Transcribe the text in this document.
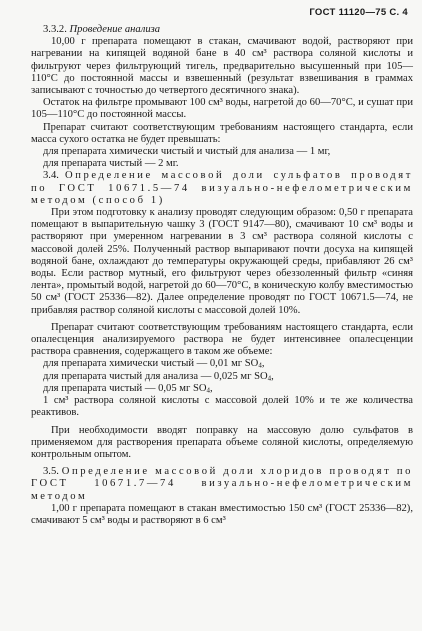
ГОСТ 11120—75 С. 4

3.3.2. Проведение анализа

10,00 г препарата помещают в стакан, смачивают водой, растворяют при нагревании на кипящей водяной бане в 40 см³ раствора соляной кислоты и фильтруют через фильтрующий тигель, предварительно высушенный при 105—110°С до постоянной массы и взвешенный (результат взвешивания в граммах записывают с точностью до четвертого десятичного знака).

Остаток на фильтре промывают 100 см³ воды, нагретой до 60—70°С, и сушат при 105—110°С до постоянной массы.

Препарат считают соответствующим требованиям настоящего стандарта, если масса сухого остатка не будет превышать:

для препарата химически чистый и чистый для анализа — 1 мг,

для препарата чистый — 2 мг.

3.4. Определение массовой доли сульфатов проводят по ГОСТ 10671.5—74 визуально-нефелометрическим методом (способ 1)

При этом подготовку к анализу проводят следующим образом: 0,50 г препарата помещают в выпарительную чашку 3 (ГОСТ 9147—80), смачивают 10 см³ воды и растворяют при умеренном нагревании в 3 см³ раствора соляной кислоты с массовой долей 25%. Полученный раствор выпаривают почти досуха на кипящей водяной бане, охлаждают до температуры окружающей среды, прибавляют 26 см³ воды. Если раствор мутный, его фильтруют через обеззоленный фильтр «синяя лента», промытый водой, нагретой до 60—70°С, в коническую колбу вместимостью 50 см³ (ГОСТ 25336—82). Далее определение проводят по ГОСТ 10671.5—74, не прибавляя раствор соляной кислоты с массовой долей 10%.

Препарат считают соответствующим требованиям настоящего стандарта, если опалесценция анализируемого раствора не будет интенсивнее опалесценции раствора сравнения, содержащего в таком же объеме:

для препарата химически чистый — 0,01 мг $SO_4$,

для препарата чистый для анализа — 0,025 мг $SO_4$,

для препарата чистый — 0,05 мг $SO_4$,

1 см³ раствора соляной кислоты с массовой долей 10% и те же количества реактивов.

При необходимости вводят поправку на массовую долю сульфатов в применяемом для растворения препарата объеме соляной кислоты, определяемую контрольным опытом.

3.5. Определение массовой доли хлоридов проводят по ГОСТ 10671.7—74 визуально-нефелометрическим методом

1,00 г препарата помещают в стакан вместимостью 150 см³ (ГОСТ 25336—82), смачивают 5 см³ воды и растворяют в 6 см³
